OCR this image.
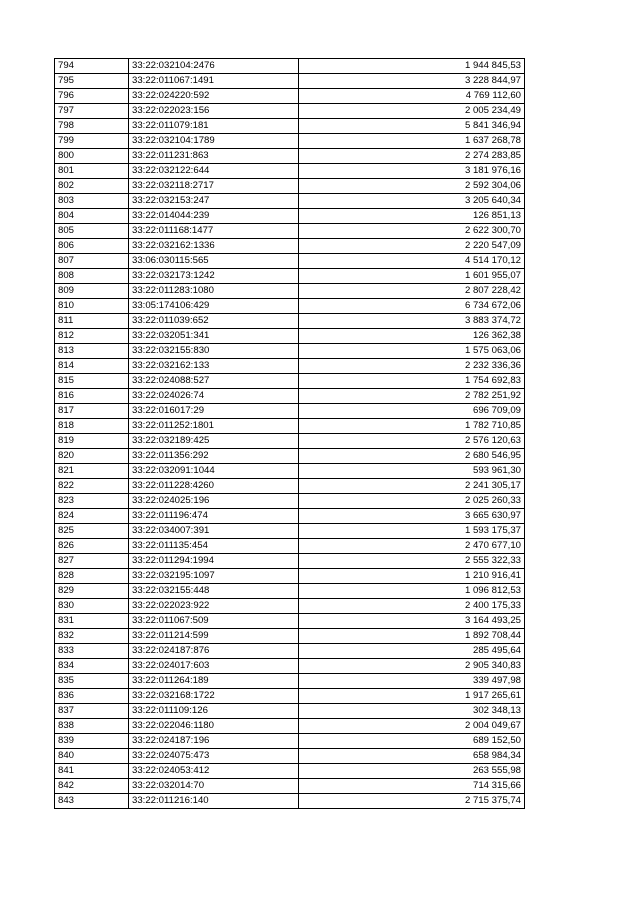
794	33:22:032104:2476	1 944 845,53
795	33:22:011067:1491	3 228 844,97
796	33:22:024220:592	4 769 112,60
797	33:22:022023:156	2 005 234,49
798	33:22:011079:181	5 841 346,94
799	33:22:032104:1789	1 637 268,78
800	33:22:011231:863	2 274 283,85
801	33:22:032122:644	3 181 976,16
802	33:22:032118:2717	2 592 304,06
803	33:22:032153:247	3 205 640,34
804	33:22:014044:239	126 851,13
805	33:22:011168:1477	2 622 300,70
806	33:22:032162:1336	2 220 547,09
807	33:06:030115:565	4 514 170,12
808	33:22:032173:1242	1 601 955,07
809	33:22:011283:1080	2 807 228,42
810	33:05:174106:429	6 734 672,06
811	33:22:011039:652	3 883 374,72
812	33:22:032051:341	126 362,38
813	33:22:032155:830	1 575 063,06
814	33:22:032162:133	2 232 336,36
815	33:22:024088:527	1 754 692,83
816	33:22:024026:74	2 782 251,92
817	33:22:016017:29	696 709,09
818	33:22:011252:1801	1 782 710,85
819	33:22:032189:425	2 576 120,63
820	33:22:011356:292	2 680 546,95
821	33:22:032091:1044	593 961,30
822	33:22:011228:4260	2 241 305,17
823	33:22:024025:196	2 025 260,33
824	33:22:011196:474	3 665 630,97
825	33:22:034007:391	1 593 175,37
826	33:22:011135:454	2 470 677,10
827	33:22:011294:1994	2 555 322,33
828	33:22:032195:1097	1 210 916,41
829	33:22:032155:448	1 096 812,53
830	33:22:022023:922	2 400 175,33
831	33:22:011067:509	3 164 493,25
832	33:22:011214:599	1 892 708,44
833	33:22:024187:876	285 495,64
834	33:22:024017:603	2 905 340,83
835	33:22:011264:189	339 497,98
836	33:22:032168:1722	1 917 265,61
837	33:22:011109:126	302 348,13
838	33:22:022046:1180	2 004 049,67
839	33:22:024187:196	689 152,50
840	33:22:024075:473	658 984,34
841	33:22:024053:412	263 555,98
842	33:22:032014:70	714 315,66
843	33:22:011216:140	2 715 375,74
